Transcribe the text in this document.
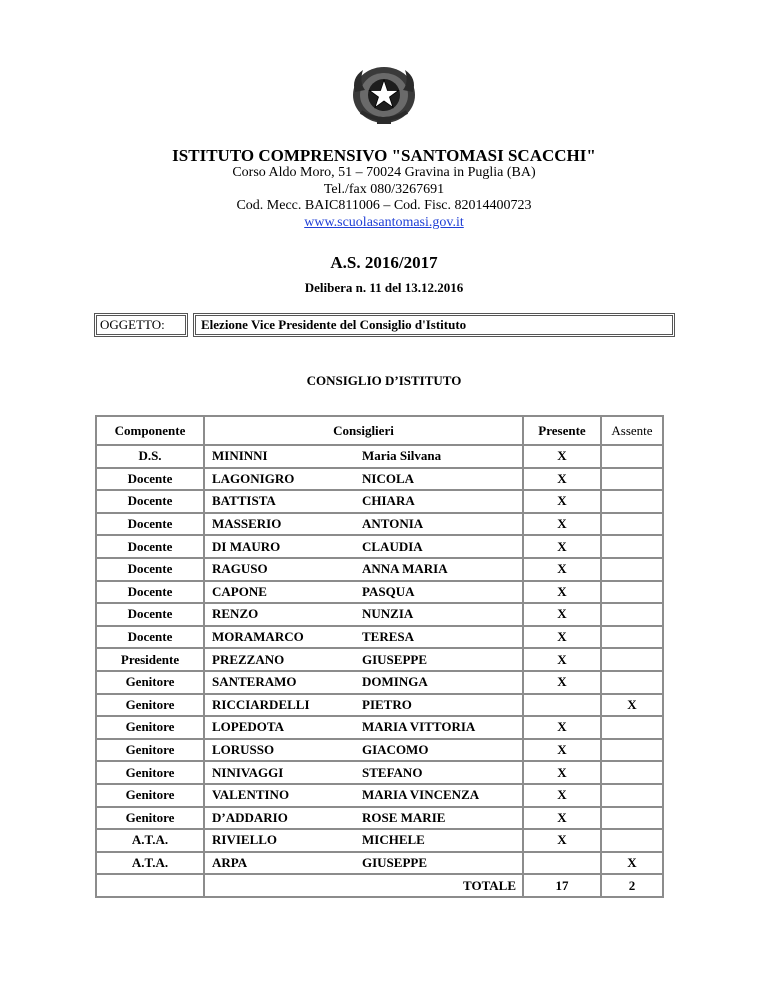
ISTITUTO COMPRENSIVO "SANTOMASI SCACCHI"
Corso Aldo Moro, 51 – 70024 Gravina in Puglia (BA)
Tel./fax 080/3267691
Cod. Mecc. BAIC811006 – Cod. Fisc. 82014400723
www.scuolasantomasi.gov.it
A.S. 2016/2017
Delibera n. 11 del 13.12.2016
OGGETTO:	Elezione Vice Presidente del Consiglio d'Istituto
CONSIGLIO D’ISTITUTO
Componente	Consiglieri		Presente	Assente
D.S.	MININNI	Maria Silvana	X	
Docente	LAGONIGRO	NICOLA	X	
Docente	BATTISTA	CHIARA	X	
Docente	MASSERIO	ANTONIA	X	
Docente	DI MAURO	CLAUDIA	X	
Docente	RAGUSO	ANNA MARIA	X	
Docente	CAPONE	PASQUA	X	
Docente	RENZO	NUNZIA	X	
Docente	MORAMARCO	TERESA	X	
Presidente	PREZZANO	GIUSEPPE	X	
Genitore	SANTERAMO	DOMINGA	X	
Genitore	RICCIARDELLI	PIETRO		X
Genitore	LOPEDOTA	MARIA VITTORIA	X	
Genitore	LORUSSO	GIACOMO	X	
Genitore	NINIVAGGI	STEFANO	X	
Genitore	VALENTINO	MARIA VINCENZA	X	
Genitore	D’ADDARIO	ROSE MARIE	X	
A.T.A.	RIVIELLO	MICHELE	X	
A.T.A.	ARPA	GIUSEPPE		X
	TOTALE		17	2
